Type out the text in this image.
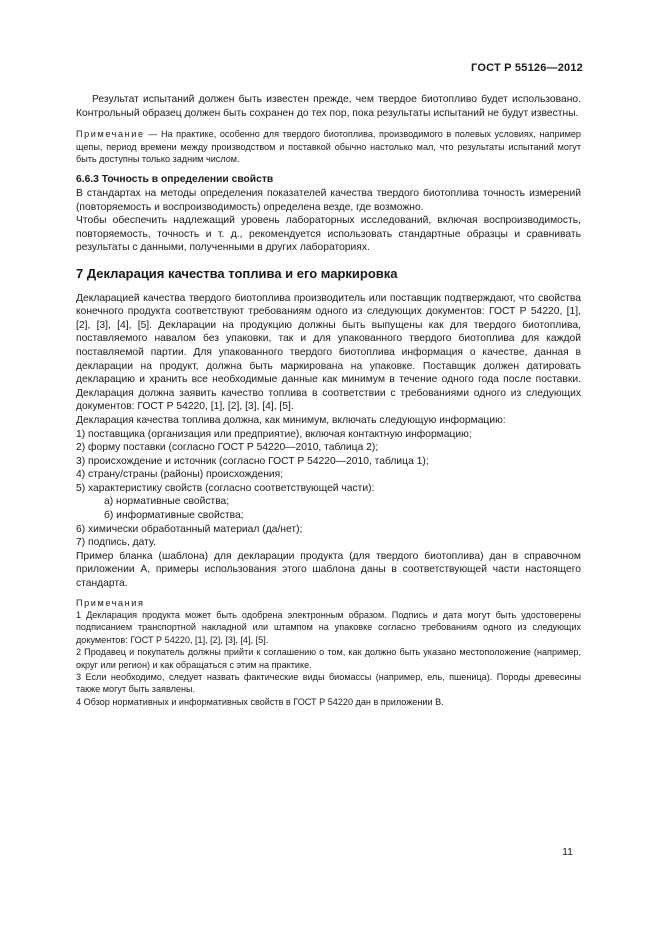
ГОСТ Р 55126—2012

Результат испытаний должен быть известен прежде, чем твердое биотопливо будет использовано. Контрольный образец должен быть сохранен до тех пор, пока результаты испытаний не будут известны.

Примечание — На практике, особенно для твердого биотоплива, производимого в полевых условиях, например щепы, период времени между производством и поставкой обычно настолько мал, что результаты испытаний могут быть доступны только задним числом.

6.6.3 Точность в определении свойств

В стандартах на методы определения показателей качества твердого биотоплива точность измерений (повторяемость и воспроизводимость) определена везде, где возможно.

Чтобы обеспечить надлежащий уровень лабораторных исследований, включая воспроизводимость, повторяемость, точность и т. д., рекомендуется использовать стандартные образцы и сравнивать результаты с данными, полученными в других лабораториях.

7 Декларация качества топлива и его маркировка

Декларацией качества твердого биотоплива производитель или поставщик подтверждают, что свойства конечного продукта соответствуют требованиям одного из следующих документов: ГОСТ Р 54220, [1], [2], [3], [4], [5]. Декларации на продукцию должны быть выпущены как для твердого биотоплива, поставляемого навалом без упаковки, так и для упакованного твердого биотоплива для каждой поставляемой партии. Для упакованного твердого биотоплива информация о качестве, данная в декларации на продукт, должна быть маркирована на упаковке. Поставщик должен датировать декларацию и хранить все необходимые данные как минимум в течение одного года после поставки. Декларация должна заявить качество топлива в соответствии с требованиями одного из следующих документов: ГОСТ Р 54220, [1], [2], [3], [4], [5].

Декларация качества топлива должна, как минимум, включать следующую информацию:

1) поставщика (организация или предприятие), включая контактную информацию;
2) форму поставки (согласно ГОСТ Р 54220—2010, таблица 2);
3) происхождение и источник (согласно ГОСТ Р 54220—2010, таблица 1);
4) страну/страны (районы) происхождения;
5) характеристику свойств (согласно соответствующей части):
а) нормативные свойства;
б) информативные свойства;
6) химически обработанный материал (да/нет);
7) подпись, дату.

Пример бланка (шаблона) для декларации продукта (для твердого биотоплива) дан в справочном приложении А, примеры использования этого шаблона даны в соответствующей части настоящего стандарта.

Примечания

1 Декларация продукта может быть одобрена электронным образом. Подпись и дата могут быть удостоверены подписанием транспортной накладной или штампом на упаковке согласно требованиям одного из следующих документов: ГОСТ Р 54220, [1], [2], [3], [4], [5].

2 Продавец и покупатель должны прийти к соглашению о том, как должно быть указано местоположение (например, округ или регион) и как обращаться с этим на практике.

3 Если необходимо, следует назвать фактические виды биомассы (например, ель, пшеница). Породы древесины также могут быть заявлены.

4 Обзор нормативных и информативных свойств в ГОСТ Р 54220 дан в приложении В.

11
